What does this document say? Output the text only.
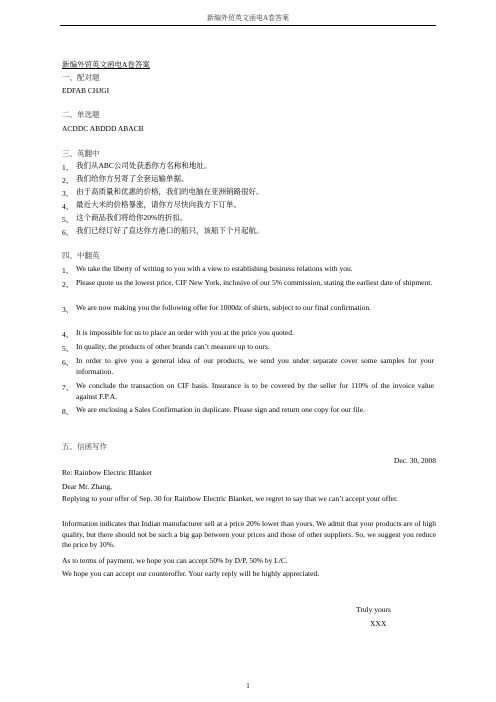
新编外贸英文函电A卷答案
新编外贸英文函电A卷答案
一、配对题
EDFAB CHJGI
二、单选题
ACDDC ABDDD ABACB
三、英翻中
1、 我们从ABC公司处获悉你方名称和地址。
2、 我们给你方另寄了全套运输单据。
3、 由于高质量和优惠的价格，我们的电脑在亚洲销路很好。
4、 最近大米的价格暴涨，请你方尽快向我方下订单。
5、 这个商品我们将给你20%的折扣。
6、 我们已经订好了直达你方港口的船只，该船下个月起航。
四、中翻英
1、 We take the liberty of writing to you with a view to establishing business relations with you.
2、 Please quote us the lowest price, CIF New York, inclusive of our 5% commission, stating the earliest date of shipment.
3、 We are now making you the following offer for 1000dz of shirts, subject to our final confirmation.
4、 It is impossible for us to place an order with you at the price you quoted.
5、 In quality, the products of other brands can’t measure up to ours.
6、 In order to give you a general idea of our products, we send you under separate cover some samples for your information.
7、 We conclude the transaction on CIF basis. Insurance is to be covered by the seller for 110% of the invoice value against F.P.A.
8、 We are enclosing a Sales Confirmation in duplicate. Please sign and return one copy for our file.
五、信函写作
Dec. 30, 2008
Re: Rainbow Electric Blanket
Dear Mr. Zhang,
Replying to your offer of Sep. 30 for Rainbow Electric Blanket, we regret to say that we can’t accept your offer.
Information indicates that Indian manufacturer sell at a price 20% lower than yours. We admit that your products are of high quality, but there should not be such a big gap between your prices and those of other suppliers. So, we suggest you reduce the price by 10%.
As to terms of payment, we hope you can accept 50% by D/P, 50% by L/C.
We hope you can accept our counteroffer. Your early reply will be highly appreciated.
Truly yours
XXX
1
